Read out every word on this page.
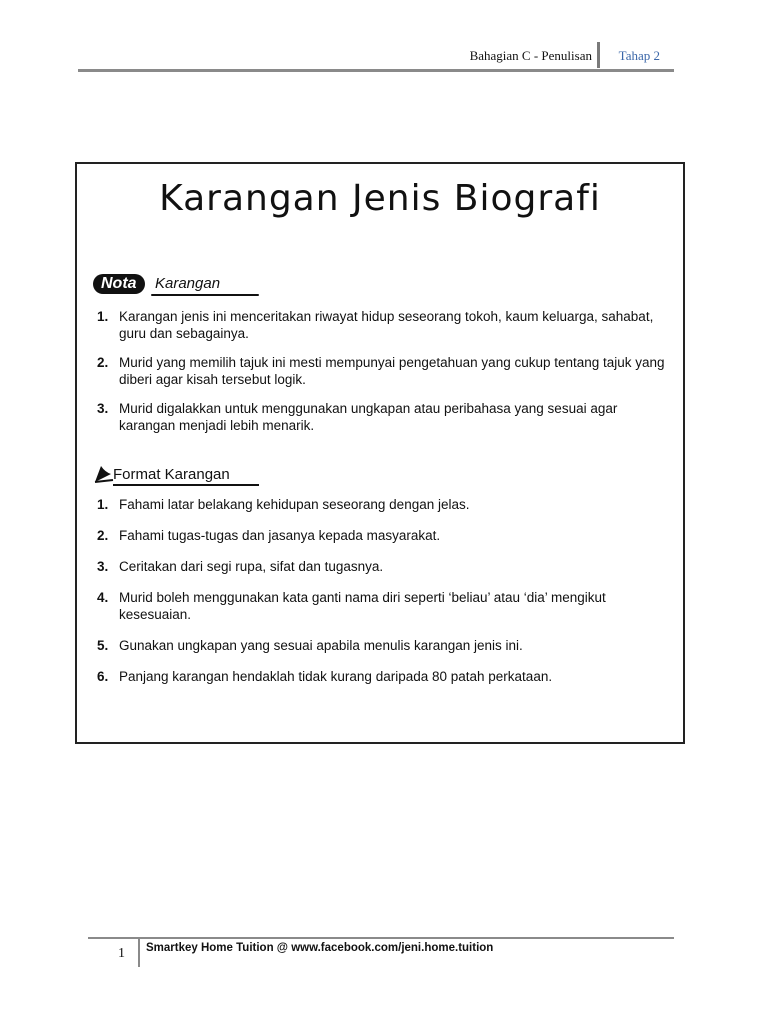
Bahagian C - Penulisan Tahap 2
Karangan Jenis Biografi
Nota	Karangan
1. Karangan jenis ini menceritakan riwayat hidup seseorang tokoh, kaum keluarga, sahabat, guru dan sebagainya.
2. Murid yang memilih tajuk ini mesti mempunyai pengetahuan yang cukup tentang tajuk yang diberi agar kisah tersebut logik.
3. Murid digalakkan untuk menggunakan ungkapan atau peribahasa yang sesuai agar karangan menjadi lebih menarik.
Format Karangan
1. Fahami latar belakang kehidupan seseorang dengan jelas.
2. Fahami tugas-tugas dan jasanya kepada masyarakat.
3. Ceritakan dari segi rupa, sifat dan tugasnya.
4. Murid boleh menggunakan kata ganti nama diri seperti ‘beliau’ atau ‘dia’ mengikut kesesuaian.
5. Gunakan ungkapan yang sesuai apabila menulis karangan jenis ini.
6. Panjang karangan hendaklah tidak kurang daripada 80 patah perkataan.
1 Smartkey Home Tuition @ www.facebook.com/jeni.home.tuition
